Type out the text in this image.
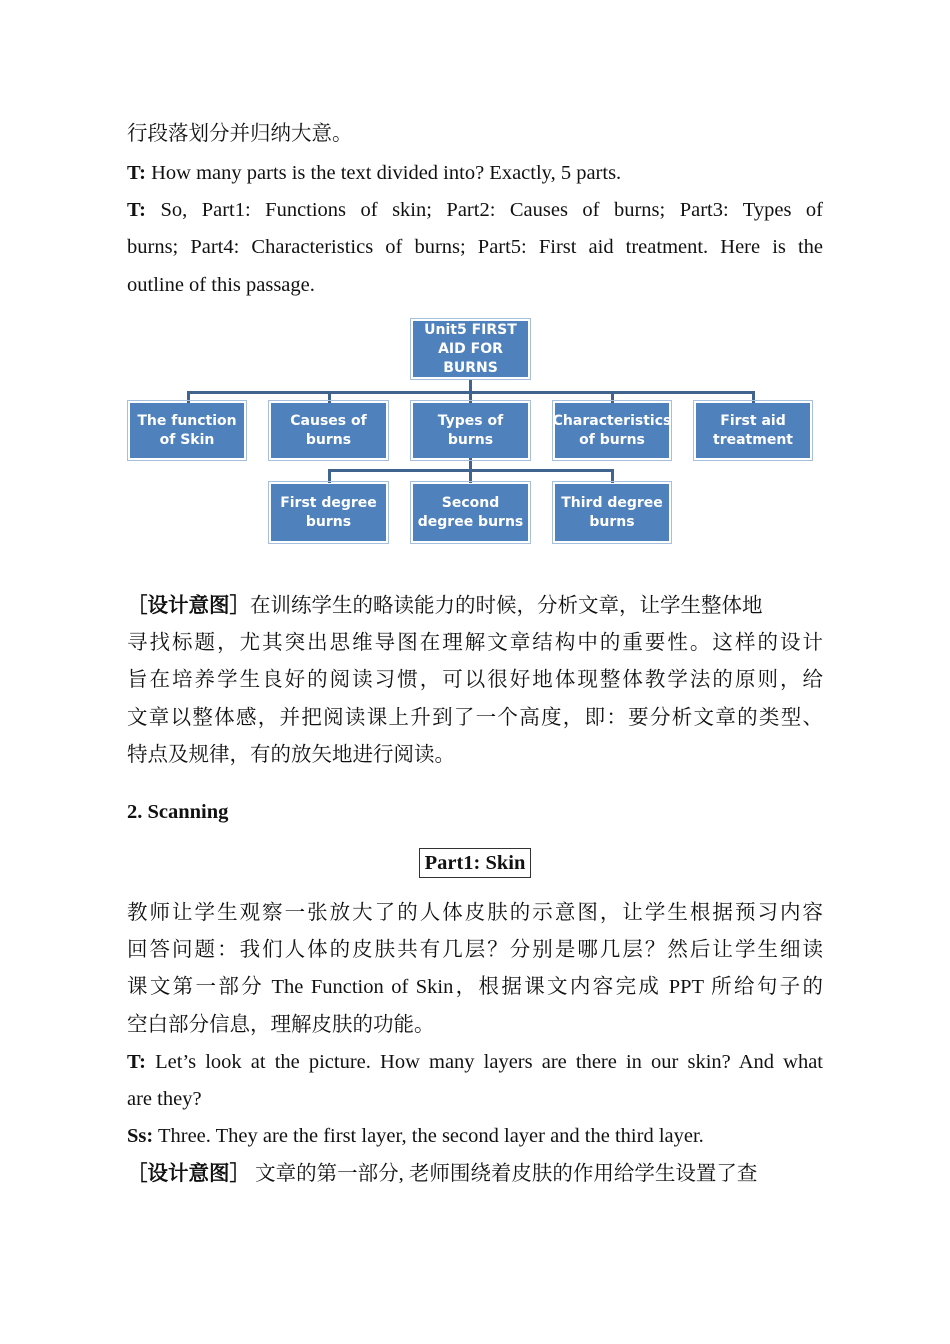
行段落划分并归纳大意。
T: How many parts is the text divided into? Exactly, 5 parts.
T: So, Part1: Functions of skin; Part2: Causes of burns; Part3: Types of
burns; Part4: Characteristics of burns; Part5: First aid treatment. Here is the
outline of this passage.
Unit5 FIRST AID FOR BURNS
The function of Skin
Causes of burns
Types of burns
Characteristics of burns
First aid treatment
First degree burns
Second degree burns
Third degree burns
［设计意图］在训练学生的略读能力的时候，分析文章，让学生整体地
寻找标题，尤其突出思维导图在理解文章结构中的重要性。这样的设计
旨在培养学生良好的阅读习惯，可以很好地体现整体教学法的原则，给
文章以整体感，并把阅读课上升到了一个高度，即：要分析文章的类型、
特点及规律，有的放矢地进行阅读。
2. Scanning
Part1: Skin
教师让学生观察一张放大了的人体皮肤的示意图，让学生根据预习内容
回答问题：我们人体的皮肤共有几层？分别是哪几层？然后让学生细读
课文第一部分 The Function of Skin，根据课文内容完成 PPT 所给句子的
空白部分信息，理解皮肤的功能。
T: Let’s look at the picture. How many layers are there in our skin? And what
are they?
Ss: Three. They are the first layer, the second layer and the third layer.
［设计意图］ 文章的第一部分, 老师围绕着皮肤的作用给学生设置了查
